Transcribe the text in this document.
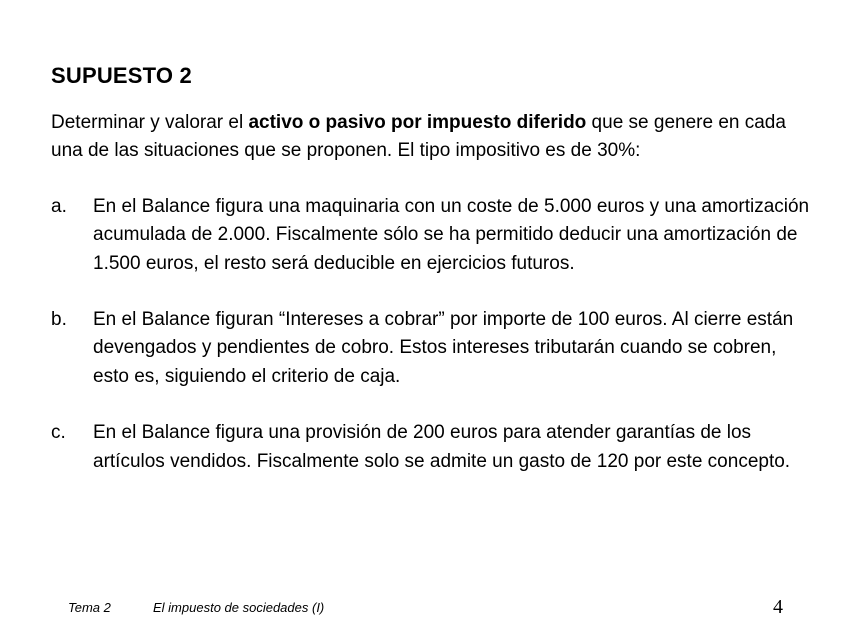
SUPUESTO 2

Determinar y valorar el activo o pasivo por impuesto diferido que se genere en cada una de las situaciones que se proponen. El tipo impositivo es de 30%:

a. En el Balance figura una maquinaria con un coste de 5.000 euros y una amortización acumulada de 2.000. Fiscalmente sólo se ha permitido deducir una amortización de 1.500 euros, el resto será deducible en ejercicios futuros.
b. En el Balance figuran “Intereses a cobrar” por importe de 100 euros. Al cierre están devengados y pendientes de cobro. Estos intereses tributarán cuando se cobren, esto es, siguiendo el criterio de caja.
c. En el Balance figura una provisión de 200 euros para atender garantías de los artículos vendidos. Fiscalmente solo se admite un gasto de 120 por este concepto.
Tema 2	El impuesto de sociedades (I)	4
